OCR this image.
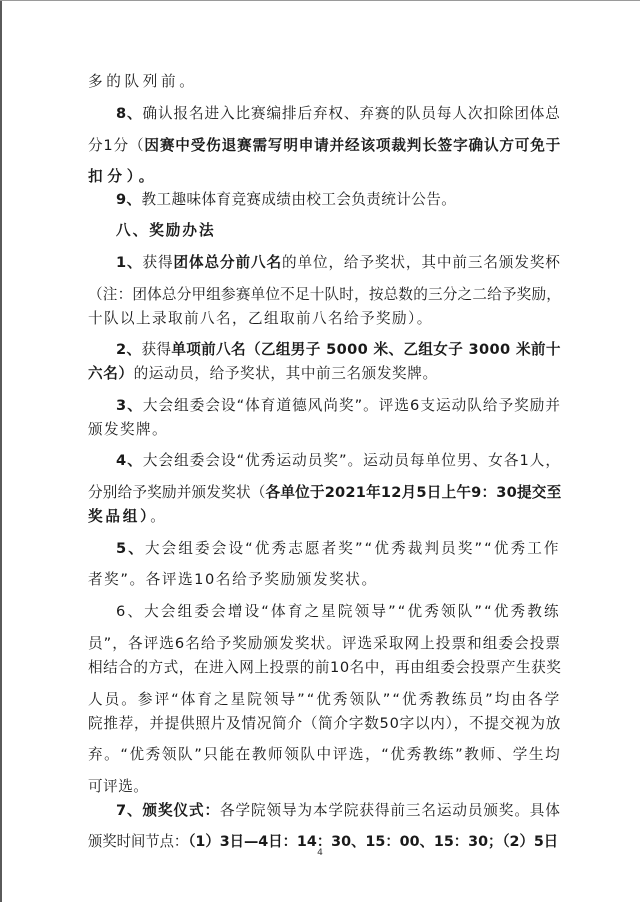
多的队列前。
8、确认报名进入比赛编排后弃权、弃赛的队员每人次扣除团体总
分1分（因赛中受伤退赛需写明申请并经该项裁判长签字确认方可免于
扣分）。
9、教工趣味体育竞赛成绩由校工会负责统计公告。
八、奖励办法
1、获得团体总分前八名的单位，给予奖状，其中前三名颁发奖杯
（注：团体总分甲组参赛单位不足十队时，按总数的三分之二给予奖励，
十队以上录取前八名，乙组取前八名给予奖励）。
2、获得单项前八名（乙组男子 5000 米、乙组女子 3000 米前十
六名）的运动员，给予奖状，其中前三名颁发奖牌。
3、大会组委会设“体育道德风尚奖”。评选6支运动队给予奖励并
颁发奖牌。
4、大会组委会设“优秀运动员奖”。运动员每单位男、女各1人，
分别给予奖励并颁发奖状（各单位于2021年12月5日上午9：30提交至
奖品组）。
5、大会组委会设“优秀志愿者奖”“优秀裁判员奖”“优秀工作
者奖”。各评选10名给予奖励颁发奖状。
6、大会组委会增设“体育之星院领导”“优秀领队”“优秀教练
员”，各评选6名给予奖励颁发奖状。评选采取网上投票和组委会投票
相结合的方式，在进入网上投票的前10名中，再由组委会投票产生获奖
人员。参评“体育之星院领导”“优秀领队”“优秀教练员”均由各学
院推荐，并提供照片及情况简介（简介字数50字以内），不提交视为放
弃。“优秀领队”只能在教师领队中评选，“优秀教练”教师、学生均
可评选。
7、颁奖仪式：各学院领导为本学院获得前三名运动员颁奖。具体
颁奖时间节点：（1）3日—4日：14：30、15：00、15：30；（2）5日
4
